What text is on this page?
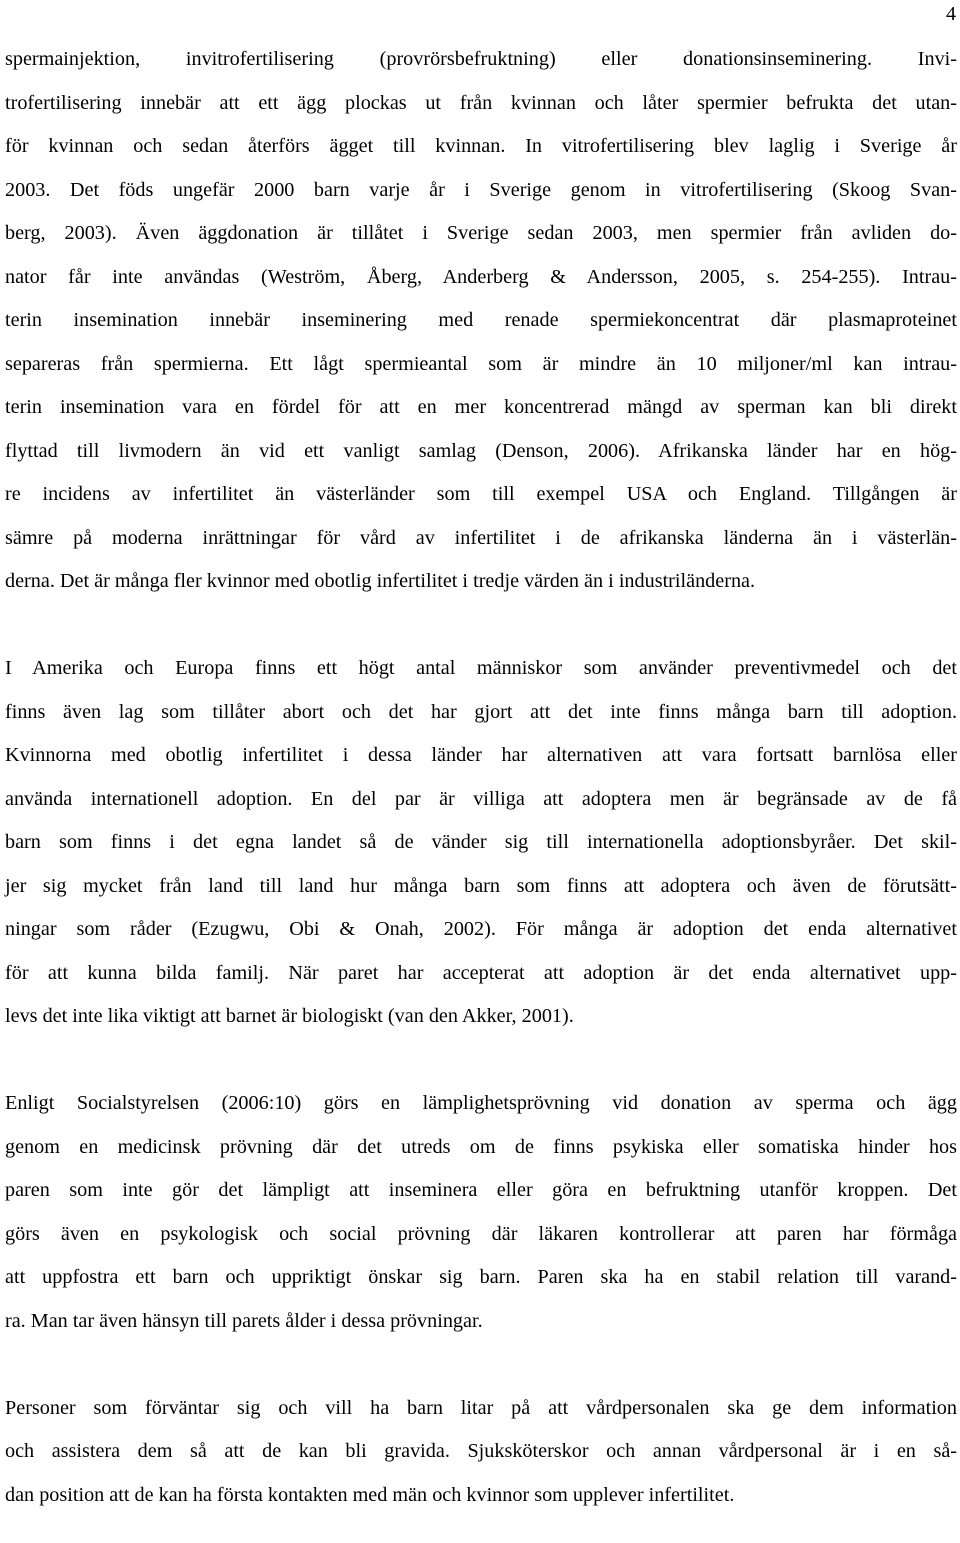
4

spermainjektion, invitrofertilisering (provrörsbefruktning) eller donationsinseminering. Invi-
trofertilisering innebär att ett ägg plockas ut från kvinnan och låter spermier befrukta det utan-
för kvinnan och sedan återförs ägget till kvinnan. In vitrofertilisering blev laglig i Sverige år
2003. Det föds ungefär 2000 barn varje år i Sverige genom in vitrofertilisering (Skoog Svan-
berg, 2003). Även äggdonation är tillåtet i Sverige sedan 2003, men spermier från avliden do-
nator får inte användas (Weström, Åberg, Anderberg & Andersson, 2005, s. 254-255). Intrau-
terin insemination innebär inseminering med renade spermiekoncentrat där plasmaproteinet
separeras från spermierna. Ett lågt spermieantal som är mindre än 10 miljoner/ml kan intrau-
terin insemination vara en fördel för att en mer koncentrerad mängd av sperman kan bli direkt
flyttad till livmodern än vid ett vanligt samlag (Denson, 2006). Afrikanska länder har en hög-
re incidens av infertilitet än västerländer som till exempel USA och England. Tillgången är
sämre på moderna inrättningar för vård av infertilitet i de afrikanska länderna än i västerlän-
derna. Det är många fler kvinnor med obotlig infertilitet i tredje värden än i industriländerna.

I Amerika och Europa finns ett högt antal människor som använder preventivmedel och det
finns även lag som tillåter abort och det har gjort att det inte finns många barn till adoption.
Kvinnorna med obotlig infertilitet i dessa länder har alternativen att vara fortsatt barnlösa eller
använda internationell adoption. En del par är villiga att adoptera men är begränsade av de få
barn som finns i det egna landet så de vänder sig till internationella adoptionsbyråer. Det skil-
jer sig mycket från land till land hur många barn som finns att adoptera och även de förutsätt-
ningar som råder (Ezugwu, Obi & Onah, 2002). För många är adoption det enda alternativet
för att kunna bilda familj. När paret har accepterat att adoption är det enda alternativet upp-
levs det inte lika viktigt att barnet är biologiskt (van den Akker, 2001).

Enligt Socialstyrelsen (2006:10) görs en lämplighetsprövning vid donation av sperma och ägg
genom en medicinsk prövning där det utreds om de finns psykiska eller somatiska hinder hos
paren som inte gör det lämpligt att inseminera eller göra en befruktning utanför kroppen. Det
görs även en psykologisk och social prövning där läkaren kontrollerar att paren har förmåga
att uppfostra ett barn och uppriktigt önskar sig barn. Paren ska ha en stabil relation till varand-
ra. Man tar även hänsyn till parets ålder i dessa prövningar.

Personer som förväntar sig och vill ha barn litar på att vårdpersonalen ska ge dem information
och assistera dem så att de kan bli gravida. Sjuksköterskor och annan vårdpersonal är i en så-
dan position att de kan ha första kontakten med män och kvinnor som upplever infertilitet.
